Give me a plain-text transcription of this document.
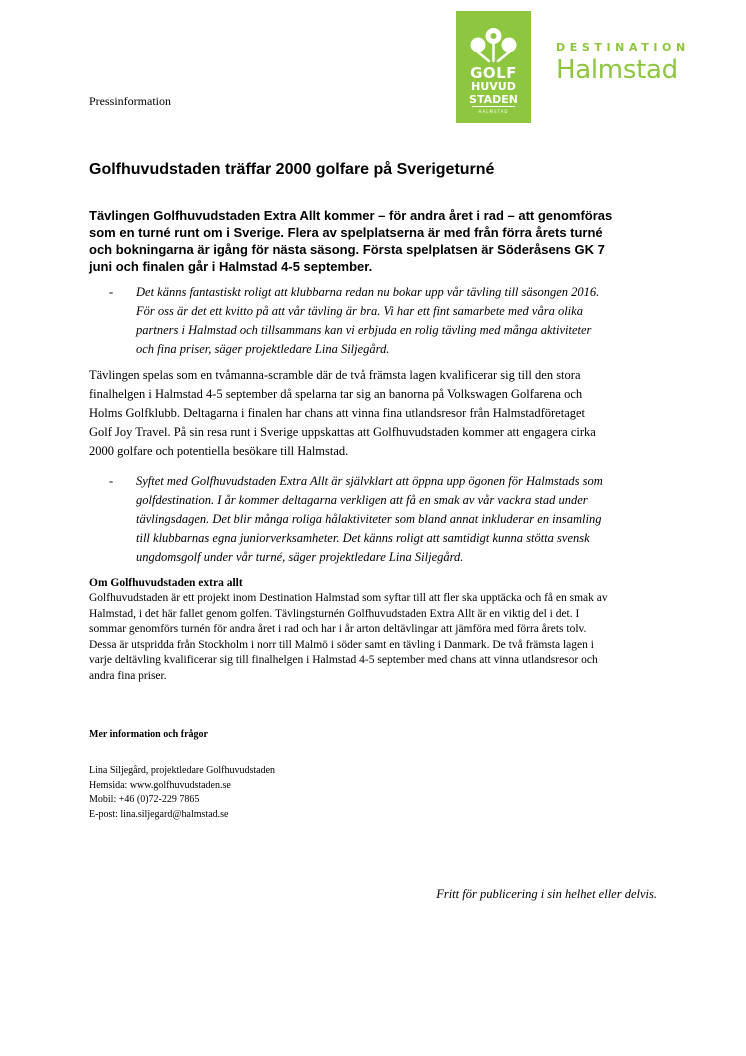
GOLF
HUVUD
STADEN
HALMSTAD
DESTINATION
Halmstad
Pressinformation
Golfhuvudstaden träffar 2000 golfare på Sverigeturné
Tävlingen Golfhuvudstaden Extra Allt kommer – för andra året i rad – att genomföras
som en turné runt om i Sverige. Flera av spelplatserna är med från förra årets turné
och bokningarna är igång för nästa säsong. Första spelplatsen är Söderåsens GK 7
juni och finalen går i Halmstad 4-5 september.
- Det känns fantastiskt roligt att klubbarna redan nu bokar upp vår tävling till säsongen 2016.
För oss är det ett kvitto på att vår tävling är bra. Vi har ett fint samarbete med våra olika
partners i Halmstad och tillsammans kan vi erbjuda en rolig tävling med många aktiviteter
och fina priser, säger projektledare Lina Siljegård.
Tävlingen spelas som en tvåmanna-scramble där de två främsta lagen kvalificerar sig till den stora
finalhelgen i Halmstad 4-5 september då spelarna tar sig an banorna på Volkswagen Golfarena och
Holms Golfklubb. Deltagarna i finalen har chans att vinna fina utlandsresor från Halmstadföretaget
Golf Joy Travel. På sin resa runt i Sverige uppskattas att Golfhuvudstaden kommer att engagera cirka
2000 golfare och potentiella besökare till Halmstad.
- Syftet med Golfhuvudstaden Extra Allt är självklart att öppna upp ögonen för Halmstads som
golfdestination. I år kommer deltagarna verkligen att få en smak av vår vackra stad under
tävlingsdagen. Det blir många roliga hålaktiviteter som bland annat inkluderar en insamling
till klubbarnas egna juniorverksamheter. Det känns roligt att samtidigt kunna stötta svensk
ungdomsgolf under vår turné, säger projektledare Lina Siljegård.
Om Golfhuvudstaden extra allt
Golfhuvudstaden är ett projekt inom Destination Halmstad som syftar till att fler ska upptäcka och få en smak av
Halmstad, i det här fallet genom golfen. Tävlingsturnén Golfhuvudstaden Extra Allt är en viktig del i det. I
sommar genomförs turnén för andra året i rad och har i år arton deltävlingar att jämföra med förra årets tolv.
Dessa är utspridda från Stockholm i norr till Malmö i söder samt en tävling i Danmark. De två främsta lagen i
varje deltävling kvalificerar sig till finalhelgen i Halmstad 4-5 september med chans att vinna utlandsresor och
andra fina priser.
Mer information och frågor
Lina Siljegård, projektledare Golfhuvudstaden
Hemsida: www.golfhuvudstaden.se
Mobil: +46 (0)72-229 7865
E-post: lina.siljegard@halmstad.se
Fritt för publicering i sin helhet eller delvis.
